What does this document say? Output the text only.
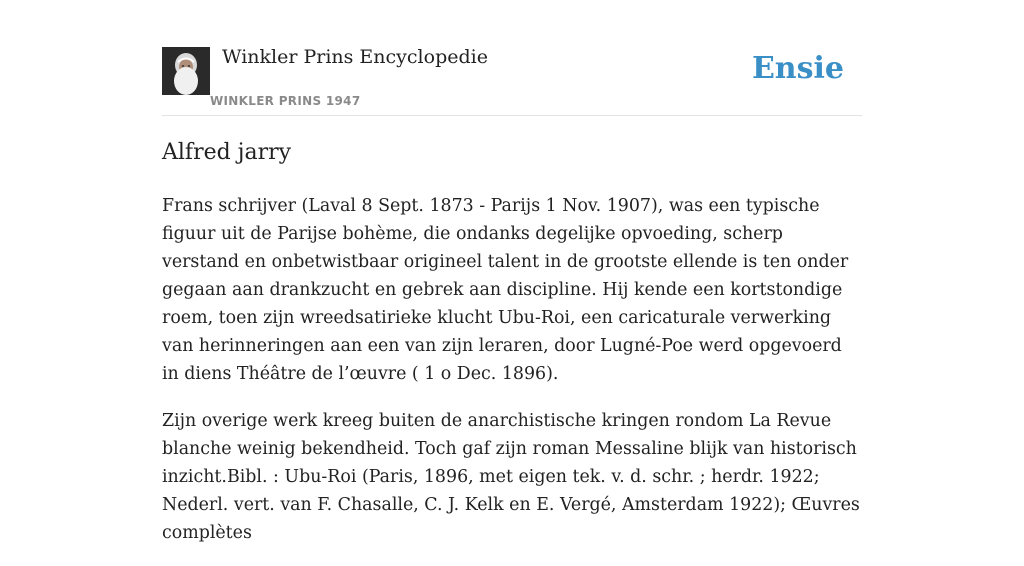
Winkler Prins Encyclopedie
WINKLER PRINS 1947
Ensie
Alfred jarry

Frans schrijver (Laval 8 Sept. 1873 - Parijs 1 Nov. 1907), was een typische figuur uit de Parijse bohème, die ondanks degelijke opvoeding, scherp verstand en onbetwistbaar origineel talent in de grootste ellende is ten onder gegaan aan drankzucht en gebrek aan discipline. Hij kende een kortstondige roem, toen zijn wreedsatirieke klucht Ubu-Roi, een caricaturale verwerking van herinneringen aan een van zijn leraren, door Lugné-Poe werd opgevoerd in diens Théâtre de l’œuvre ( 1 o Dec. 1896).

Zijn overige werk kreeg buiten de anarchistische kringen rondom La Revue blanche weinig bekendheid. Toch gaf zijn roman Messaline blijk van historisch inzicht.Bibl. : Ubu-Roi (Paris, 1896, met eigen tek. v. d. schr. ; herdr. 1922; Nederl. vert. van F. Chasalle, C. J. Kelk en E. Vergé, Amsterdam 1922); Œuvres complètes
